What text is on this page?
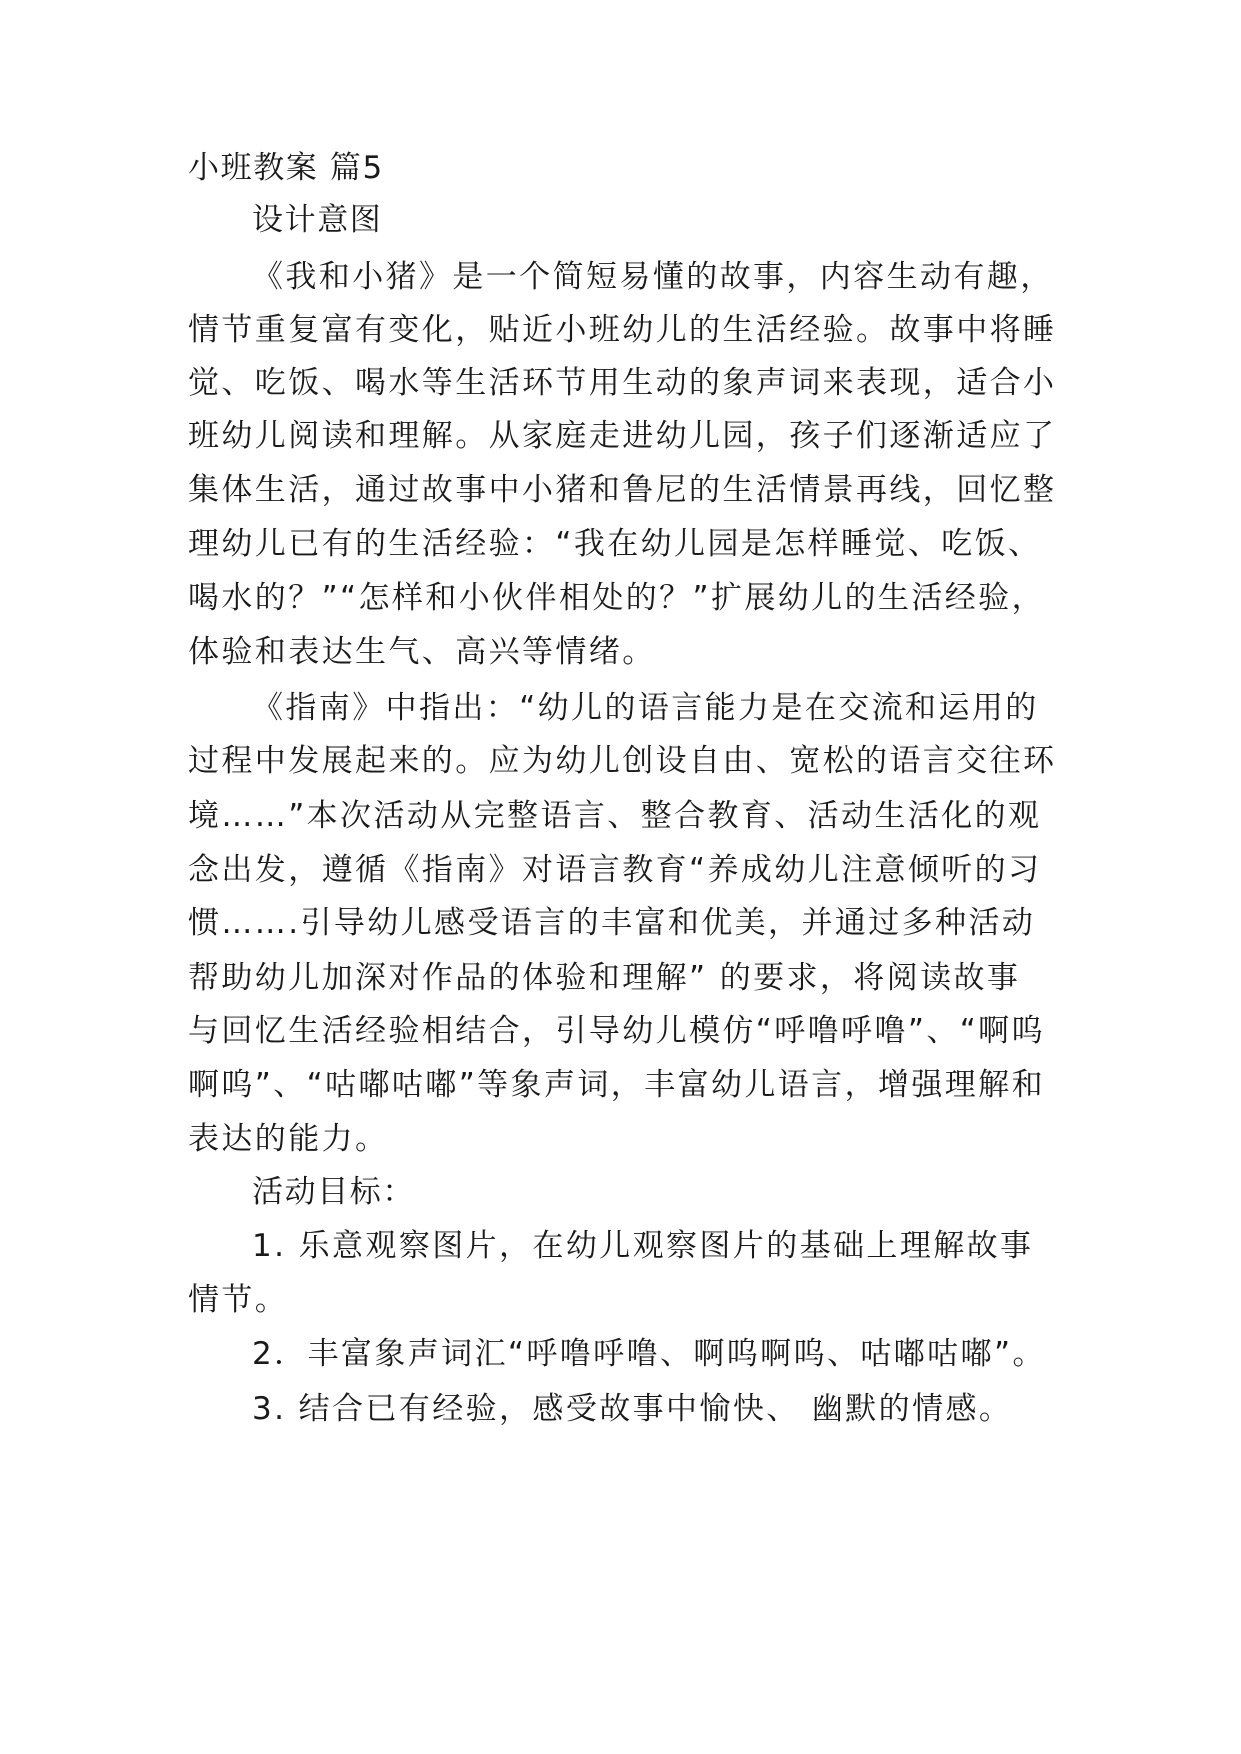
小班教案 篇5

设计意图

《我和小猪》是一个简短易懂的故事，内容生动有趣，

情节重复富有变化，贴近小班幼儿的生活经验。故事中将睡

觉、吃饭、喝水等生活环节用生动的象声词来表现，适合小

班幼儿阅读和理解。从家庭走进幼儿园，孩子们逐渐适应了

集体生活，通过故事中小猪和鲁尼的生活情景再线，回忆整

理幼儿已有的生活经验：“我在幼儿园是怎样睡觉、吃饭、

喝水的？”“怎样和小伙伴相处的？”扩展幼儿的生活经验，

体验和表达生气、高兴等情绪。

《指南》中指出：“幼儿的语言能力是在交流和运用的

过程中发展起来的。应为幼儿创设自由、宽松的语言交往环

境……”本次活动从完整语言、整合教育、活动生活化的观

念出发，遵循《指南》对语言教育“养成幼儿注意倾听的习

惯…….引导幼儿感受语言的丰富和优美，并通过多种活动

帮助幼儿加深对作品的体验和理解” 的要求，将阅读故事

与回忆生活经验相结合，引导幼儿模仿“呼噜呼噜”、“啊呜

啊呜”、“咕嘟咕嘟”等象声词，丰富幼儿语言，增强理解和

表达的能力。

活动目标：

1. 乐意观察图片，在幼儿观察图片的基础上理解故事

情节。

2．丰富象声词汇“呼噜呼噜、啊呜啊呜、咕嘟咕嘟”。

3. 结合已有经验，感受故事中愉快、 幽默的情感。
